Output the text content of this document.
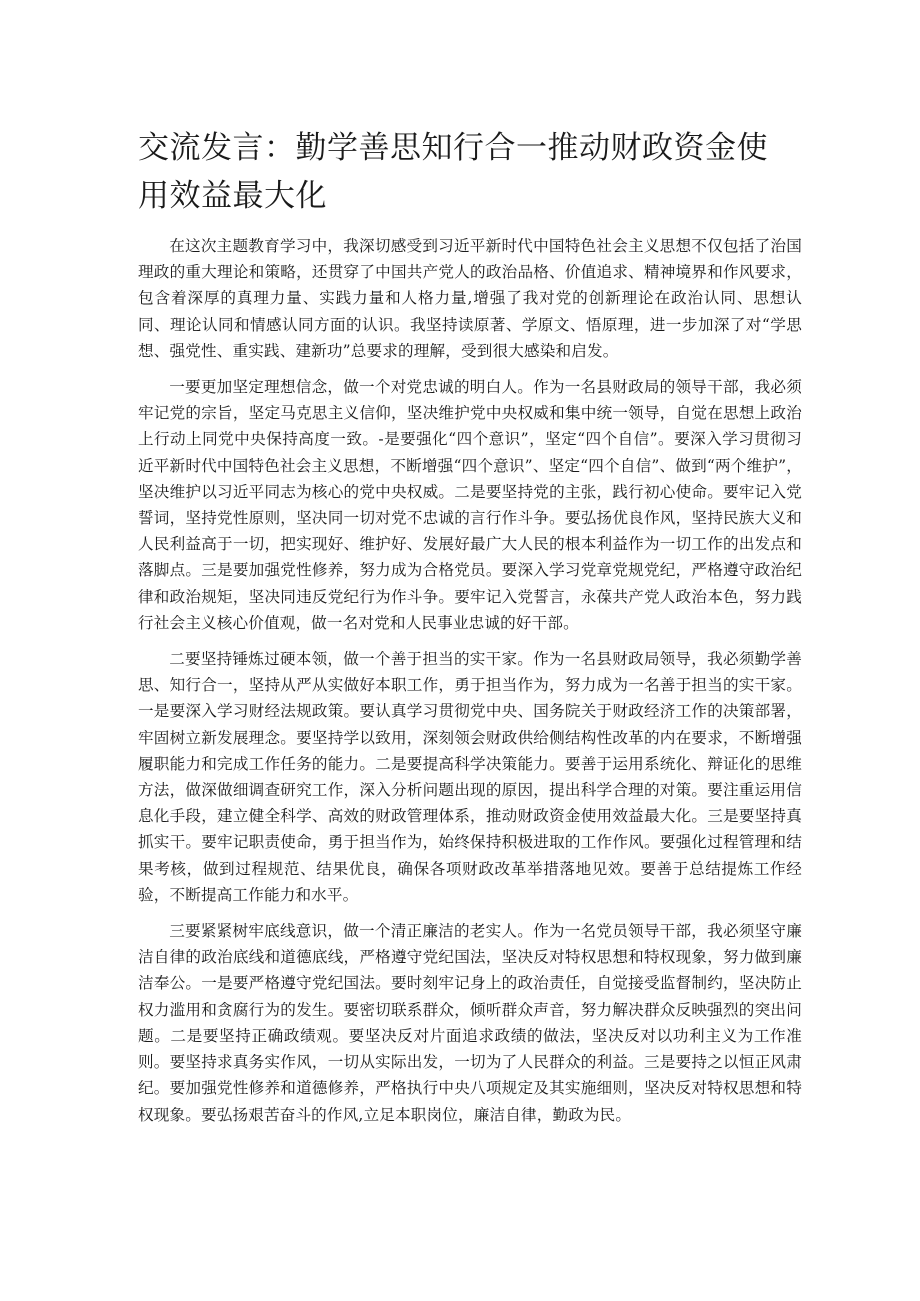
交流发言：勤学善思知行合一推动财政资金使用效益最大化

在这次主题教育学习中，我深切感受到习近平新时代中国特色社会主义思想不仅包括了治国理政的重大理论和策略，还贯穿了中国共产党人的政治品格、价值追求、精神境界和作风要求，包含着深厚的真理力量、实践力量和人格力量,增强了我对党的创新理论在政治认同、思想认同、理论认同和情感认同方面的认识。我坚持读原著、学原文、悟原理，进一步加深了对“学思想、强党性、重实践、建新功”总要求的理解，受到很大感染和启发。

一要更加坚定理想信念，做一个对党忠诚的明白人。作为一名县财政局的领导干部，我必须牢记党的宗旨，坚定马克思主义信仰，坚决维护党中央权威和集中统一领导，自觉在思想上政治上行动上同党中央保持高度一致。-是要强化“四个意识”，坚定“四个自信”。要深入学习贯彻习近平新时代中国特色社会主义思想，不断增强“四个意识”、坚定“四个自信”、做到“两个维护”，坚决维护以习近平同志为核心的党中央权威。二是要坚持党的主张，践行初心使命。要牢记入党誓词，坚持党性原则，坚决同一切对党不忠诚的言行作斗争。要弘扬优良作风，坚持民族大义和人民利益高于一切，把实现好、维护好、发展好最广大人民的根本利益作为一切工作的出发点和落脚点。三是要加强党性修养，努力成为合格党员。要深入学习党章党规党纪，严格遵守政治纪律和政治规矩，坚决同违反党纪行为作斗争。要牢记入党誓言，永葆共产党人政治本色，努力践行社会主义核心价值观，做一名对党和人民事业忠诚的好干部。

二要坚持锤炼过硬本领，做一个善于担当的实干家。作为一名县财政局领导，我必须勤学善思、知行合一，坚持从严从实做好本职工作，勇于担当作为，努力成为一名善于担当的实干家。一是要深入学习财经法规政策。要认真学习贯彻党中央、国务院关于财政经济工作的决策部署，牢固树立新发展理念。要坚持学以致用，深刻领会财政供给侧结构性改革的内在要求，不断增强履职能力和完成工作任务的能力。二是要提高科学决策能力。要善于运用系统化、辩证化的思维方法，做深做细调查研究工作，深入分析问题出现的原因，提出科学合理的对策。要注重运用信息化手段，建立健全科学、高效的财政管理体系，推动财政资金使用效益最大化。三是要坚持真抓实干。要牢记职责使命，勇于担当作为，始终保持积极进取的工作作风。要强化过程管理和结果考核，做到过程规范、结果优良，确保各项财政改革举措落地见效。要善于总结提炼工作经验，不断提高工作能力和水平。

三要紧紧树牢底线意识，做一个清正廉洁的老实人。作为一名党员领导干部，我必须坚守廉洁自律的政治底线和道德底线，严格遵守党纪国法，坚决反对特权思想和特权现象，努力做到廉洁奉公。一是要严格遵守党纪国法。要时刻牢记身上的政治责任，自觉接受监督制约，坚决防止权力滥用和贪腐行为的发生。要密切联系群众，倾听群众声音，努力解决群众反映强烈的突出问题。二是要坚持正确政绩观。要坚决反对片面追求政绩的做法，坚决反对以功利主义为工作准则。要坚持求真务实作风，一切从实际出发，一切为了人民群众的利益。三是要持之以恒正风肃纪。要加强党性修养和道德修养，严格执行中央八项规定及其实施细则，坚决反对特权思想和特权现象。要弘扬艰苦奋斗的作风,立足本职岗位，廉洁自律，勤政为民。
